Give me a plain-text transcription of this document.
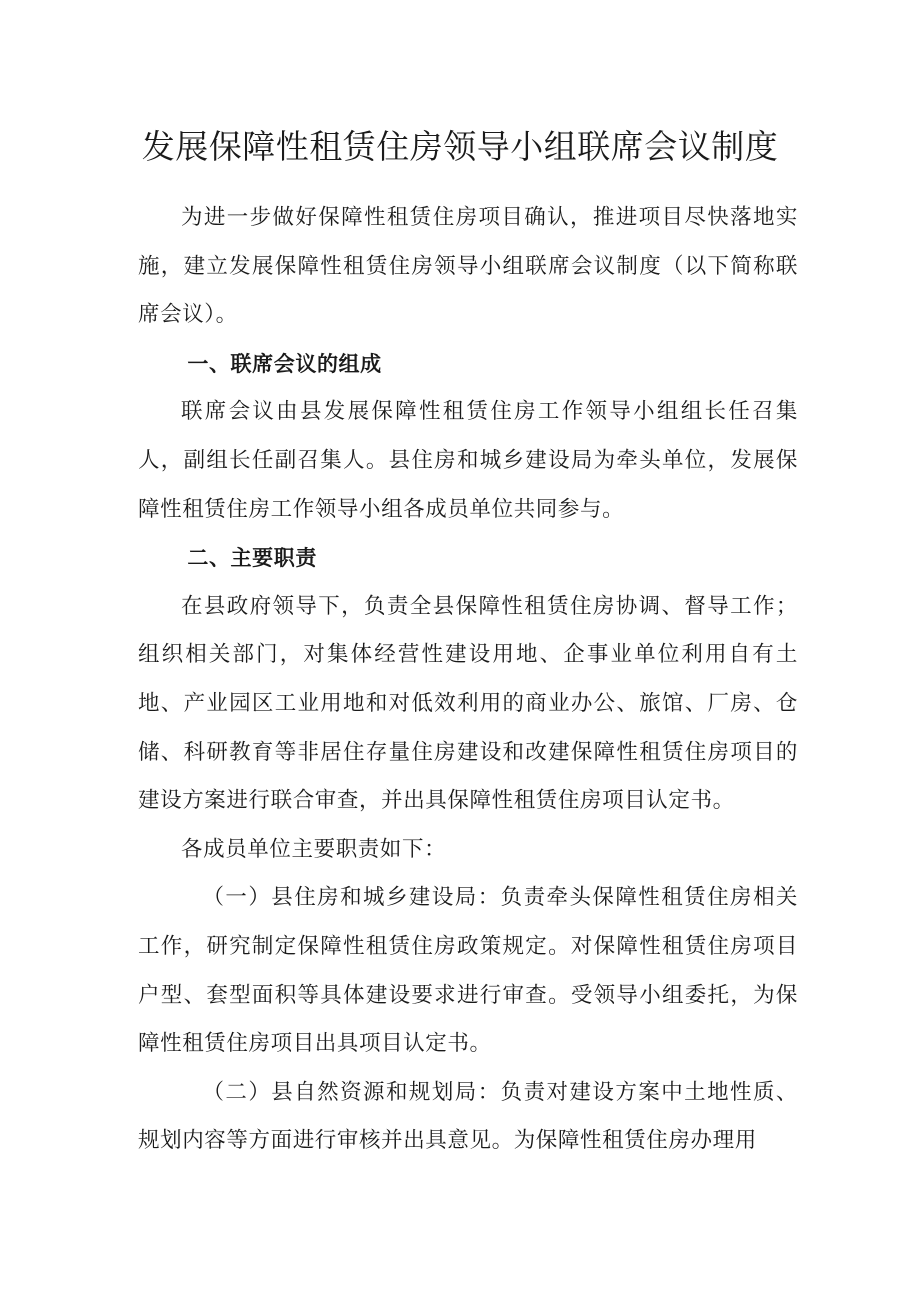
发展保障性租赁住房领导小组联席会议制度

为进一步做好保障性租赁住房项目确认，推进项目尽快落地实施，建立发展保障性租赁住房领导小组联席会议制度（以下简称联席会议）。

一、联席会议的组成

联席会议由县发展保障性租赁住房工作领导小组组长任召集人，副组长任副召集人。县住房和城乡建设局为牵头单位，发展保障性租赁住房工作领导小组各成员单位共同参与。

二、主要职责

在县政府领导下，负责全县保障性租赁住房协调、督导工作；组织相关部门，对集体经营性建设用地、企事业单位利用自有土地、产业园区工业用地和对低效利用的商业办公、旅馆、厂房、仓储、科研教育等非居住存量住房建设和改建保障性租赁住房项目的建设方案进行联合审查，并出具保障性租赁住房项目认定书。

各成员单位主要职责如下：

（一）县住房和城乡建设局：负责牵头保障性租赁住房相关工作，研究制定保障性租赁住房政策规定。对保障性租赁住房项目户型、套型面积等具体建设要求进行审查。受领导小组委托，为保障性租赁住房项目出具项目认定书。

（二）县自然资源和规划局：负责对建设方案中土地性质、规划内容等方面进行审核并出具意见。为保障性租赁住房办理用
